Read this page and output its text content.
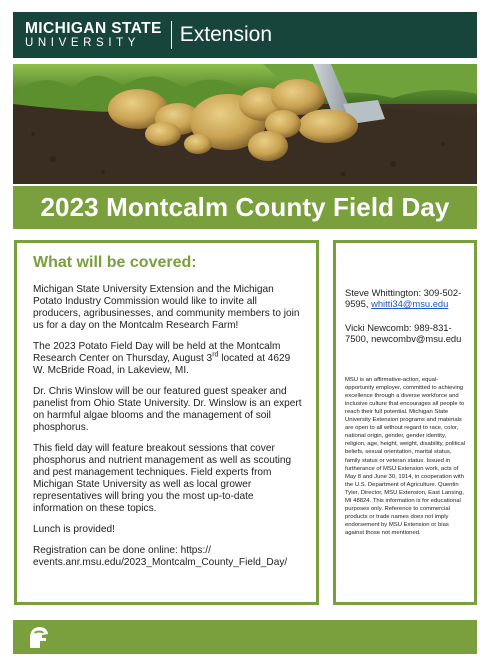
MICHIGAN STATE
UNIVERSITY	Extension
2023 Montcalm County Field Day
What will be covered:

Michigan State University Extension and the Michigan Potato Industry Commission would like to invite all producers, agribusinesses, and community members to join us for a day on the Montcalm Research Farm!

The 2023 Potato Field Day will be held at the Montcalm Research Center on Thursday, August 3rd located at 4629 W. McBride Road, in Lakeview, MI.

Dr. Chris Winslow will be our featured guest speaker and panelist from Ohio State University. Dr. Winslow is an expert on harmful algae blooms and the management of soil phosphorus.

This field day will feature breakout sessions that cover phosphorus and nutrient management as well as scouting and pest management techniques. Field experts from Michigan State University as well as local grower representatives will bring you the most up-to-date information on these topics.

Lunch is provided!

Registration can be done online: https:// events.anr.msu.edu/2023_Montcalm_County_Field_Day/

Steve Whittington: 309-502-9595, whitti34@msu.edu

Vicki Newcomb: 989-831-7500, newcombv@msu.edu

MSU is an affirmative-action, equal-opportunity employer, committed to achieving excellence through a diverse workforce and inclusive culture that encourages all people to reach their full potential. Michigan State University Extension programs and materials are open to all without regard to race, color, national origin, gender, gender identity, religion, age, height, weight, disability, political beliefs, sexual orientation, marital status, family status or veteran status. Issued in furtherance of MSU Extension work, acts of May 8 and June 30, 1914, in cooperation with the U.S. Department of Agriculture. Quentin Tyler, Director, MSU Extension, East Lansing, MI 48824. This information is for educational purposes only. Reference to commercial products or trade names does not imply endorsement by MSU Extension or bias against those not mentioned.
